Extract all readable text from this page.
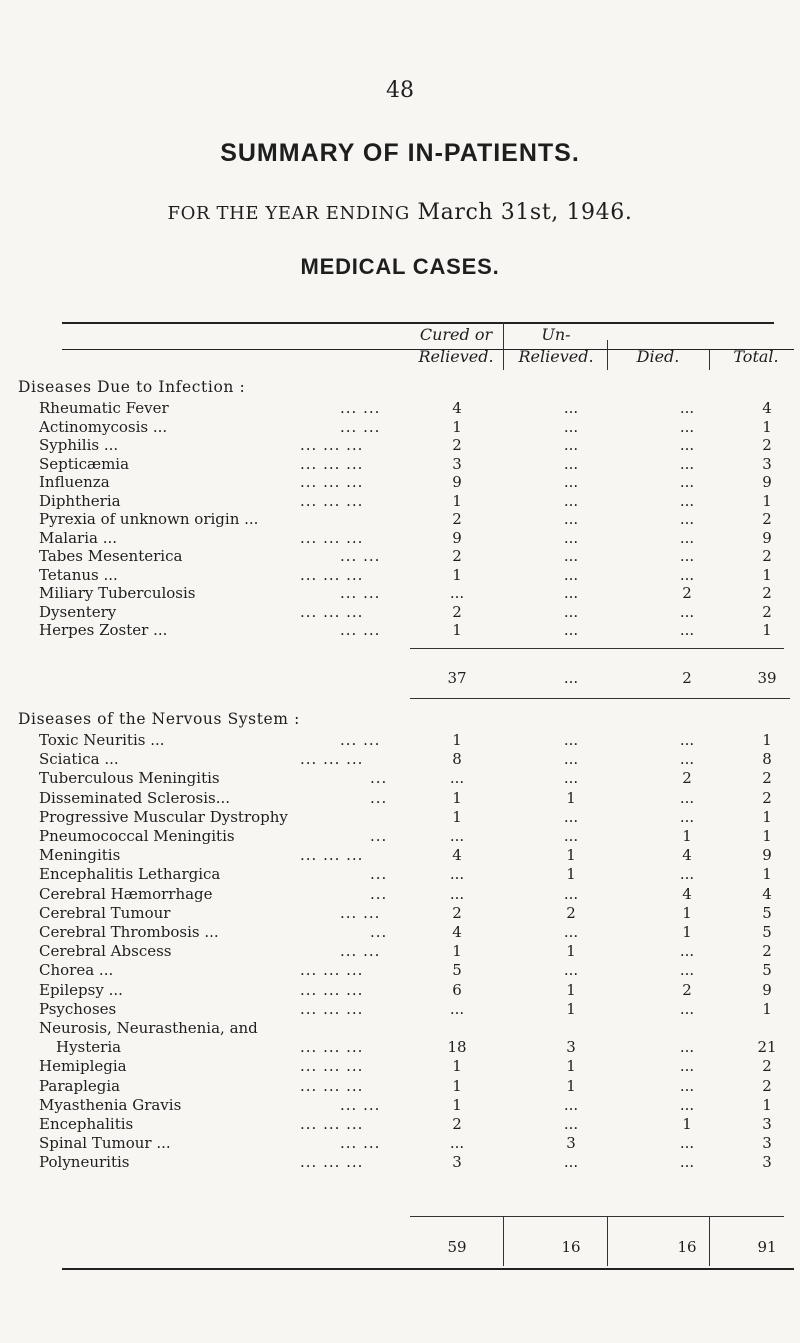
48
SUMMARY OF IN-PATIENTS.
FOR THE YEAR ENDING March 31st, 1946.
MEDICAL CASES.
Cured or
Relieved.
Un-
Relieved.	Died.	Total.
Diseases Due to Infection :
Rheumatic Fever	... ...	4	...	...	4
Actinomycosis ...	... ...	1	...	...	1
Syphilis ...	... ... ...	2	...	...	2
Septicæmia	... ... ...	3	...	...	3
Influenza	... ... ...	9	...	...	9
Diphtheria	... ... ...	1	...	...	1
Pyrexia of unknown origin ...	2	...	...	2
Malaria ...	... ... ...	9	...	...	9
Tabes Mesenterica	... ...	2	...	...	2
Tetanus ...	... ... ...	1	...	...	1
Miliary Tuberculosis	... ...	...	...	2	2
Dysentery	... ... ...	2	...	...	2
Herpes Zoster ...	... ...	1	...	...	1
37	...	2	39
Diseases of the Nervous System :
Toxic Neuritis ...	... ...	1	...	...	1
Sciatica ...	... ... ...	8	...	...	8
Tuberculous Meningitis	...	...	...	2	2
Disseminated Sclerosis...	...	1	1	...	2
Progressive Muscular Dystrophy	1	...	...	1
Pneumococcal Meningitis	...	...	...	1	1
Meningitis	... ... ...	4	1	4	9
Encephalitis Lethargica	...	...	1	...	1
Cerebral Hæmorrhage	...	...	...	4	4
Cerebral Tumour	... ...	2	2	1	5
Cerebral Thrombosis ...	...	4	...	1	5
Cerebral Abscess	... ...	1	1	...	2
Chorea ...	... ... ...	5	...	...	5
Epilepsy ...	... ... ...	6	1	2	9
Psychoses	... ... ...	...	1	...	1
Neurosis, Neurasthenia, and
Hysteria	... ... ...	18	3	...	21
Hemiplegia	... ... ...	1	1	...	2
Paraplegia	... ... ...	1	1	...	2
Myasthenia Gravis	... ...	1	...	...	1
Encephalitis	... ... ...	2	...	1	3
Spinal Tumour ...	... ...	...	3	...	3
Polyneuritis	... ... ...	3	...	...	3
59	16	16	91
